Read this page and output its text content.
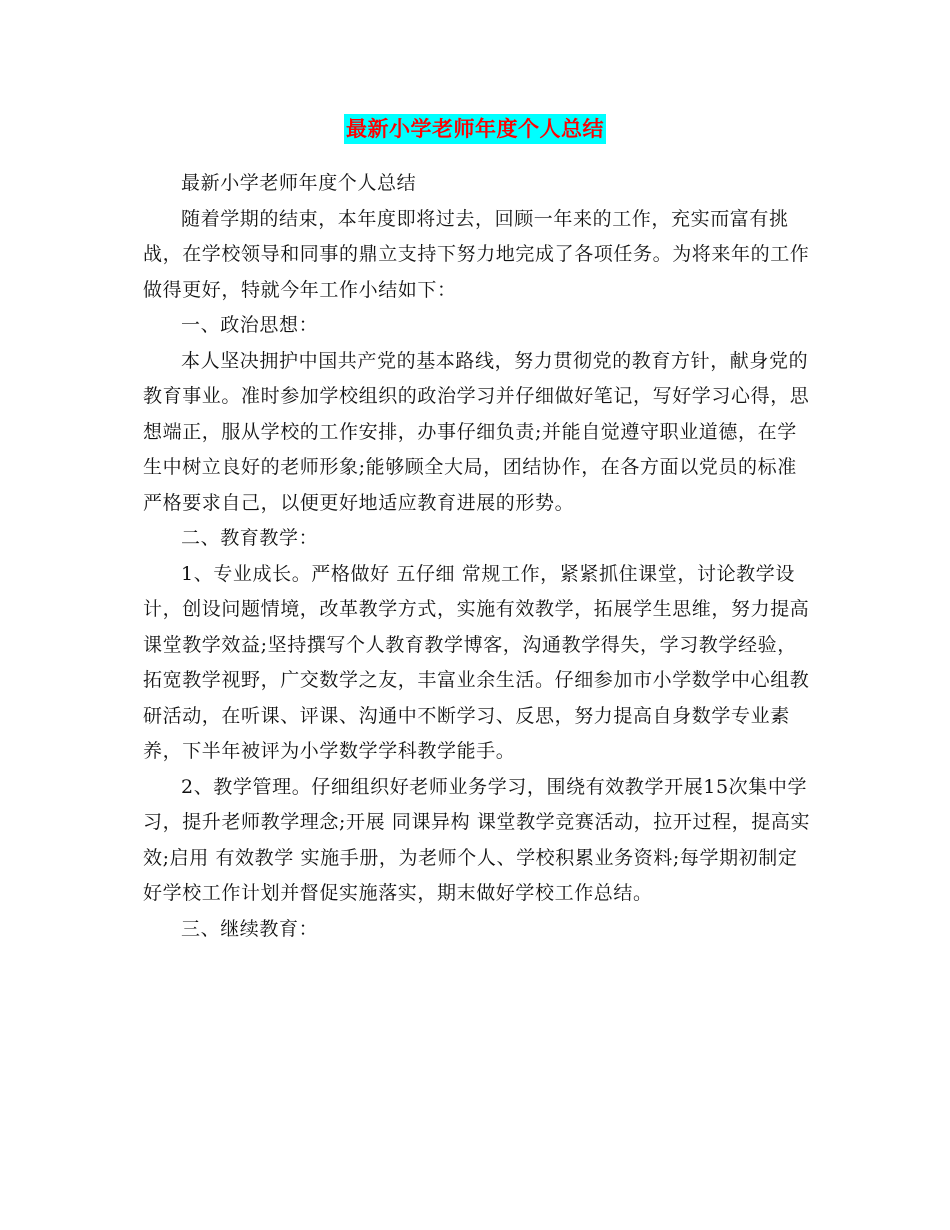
最新小学老师年度个人总结

最新小学老师年度个人总结

随着学期的结束，本年度即将过去，回顾一年来的工作，充实而富有挑战，在学校领导和同事的鼎立支持下努力地完成了各项任务。为将来年的工作做得更好，特就今年工作小结如下：

一、政治思想：

本人坚决拥护中国共产党的基本路线，努力贯彻党的教育方针，献身党的教育事业。准时参加学校组织的政治学习并仔细做好笔记，写好学习心得，思想端正，服从学校的工作安排，办事仔细负责;并能自觉遵守职业道德，在学生中树立良好的老师形象;能够顾全大局，团结协作，在各方面以党员的标准严格要求自己，以便更好地适应教育进展的形势。

二、教育教学：

1、专业成长。严格做好 五仔细 常规工作，紧紧抓住课堂，讨论教学设计，创设问题情境，改革教学方式，实施有效教学，拓展学生思维，努力提高课堂教学效益;坚持撰写个人教育教学博客，沟通教学得失，学习教学经验，拓宽教学视野，广交数学之友，丰富业余生活。仔细参加市小学数学中心组教研活动，在听课、评课、沟通中不断学习、反思，努力提高自身数学专业素养，下半年被评为小学数学学科教学能手。

2、教学管理。仔细组织好老师业务学习，围绕有效教学开展15次集中学习，提升老师教学理念;开展 同课异构 课堂教学竞赛活动，拉开过程，提高实效;启用 有效教学 实施手册，为老师个人、学校积累业务资料;每学期初制定好学校工作计划并督促实施落实，期末做好学校工作总结。

三、继续教育：
